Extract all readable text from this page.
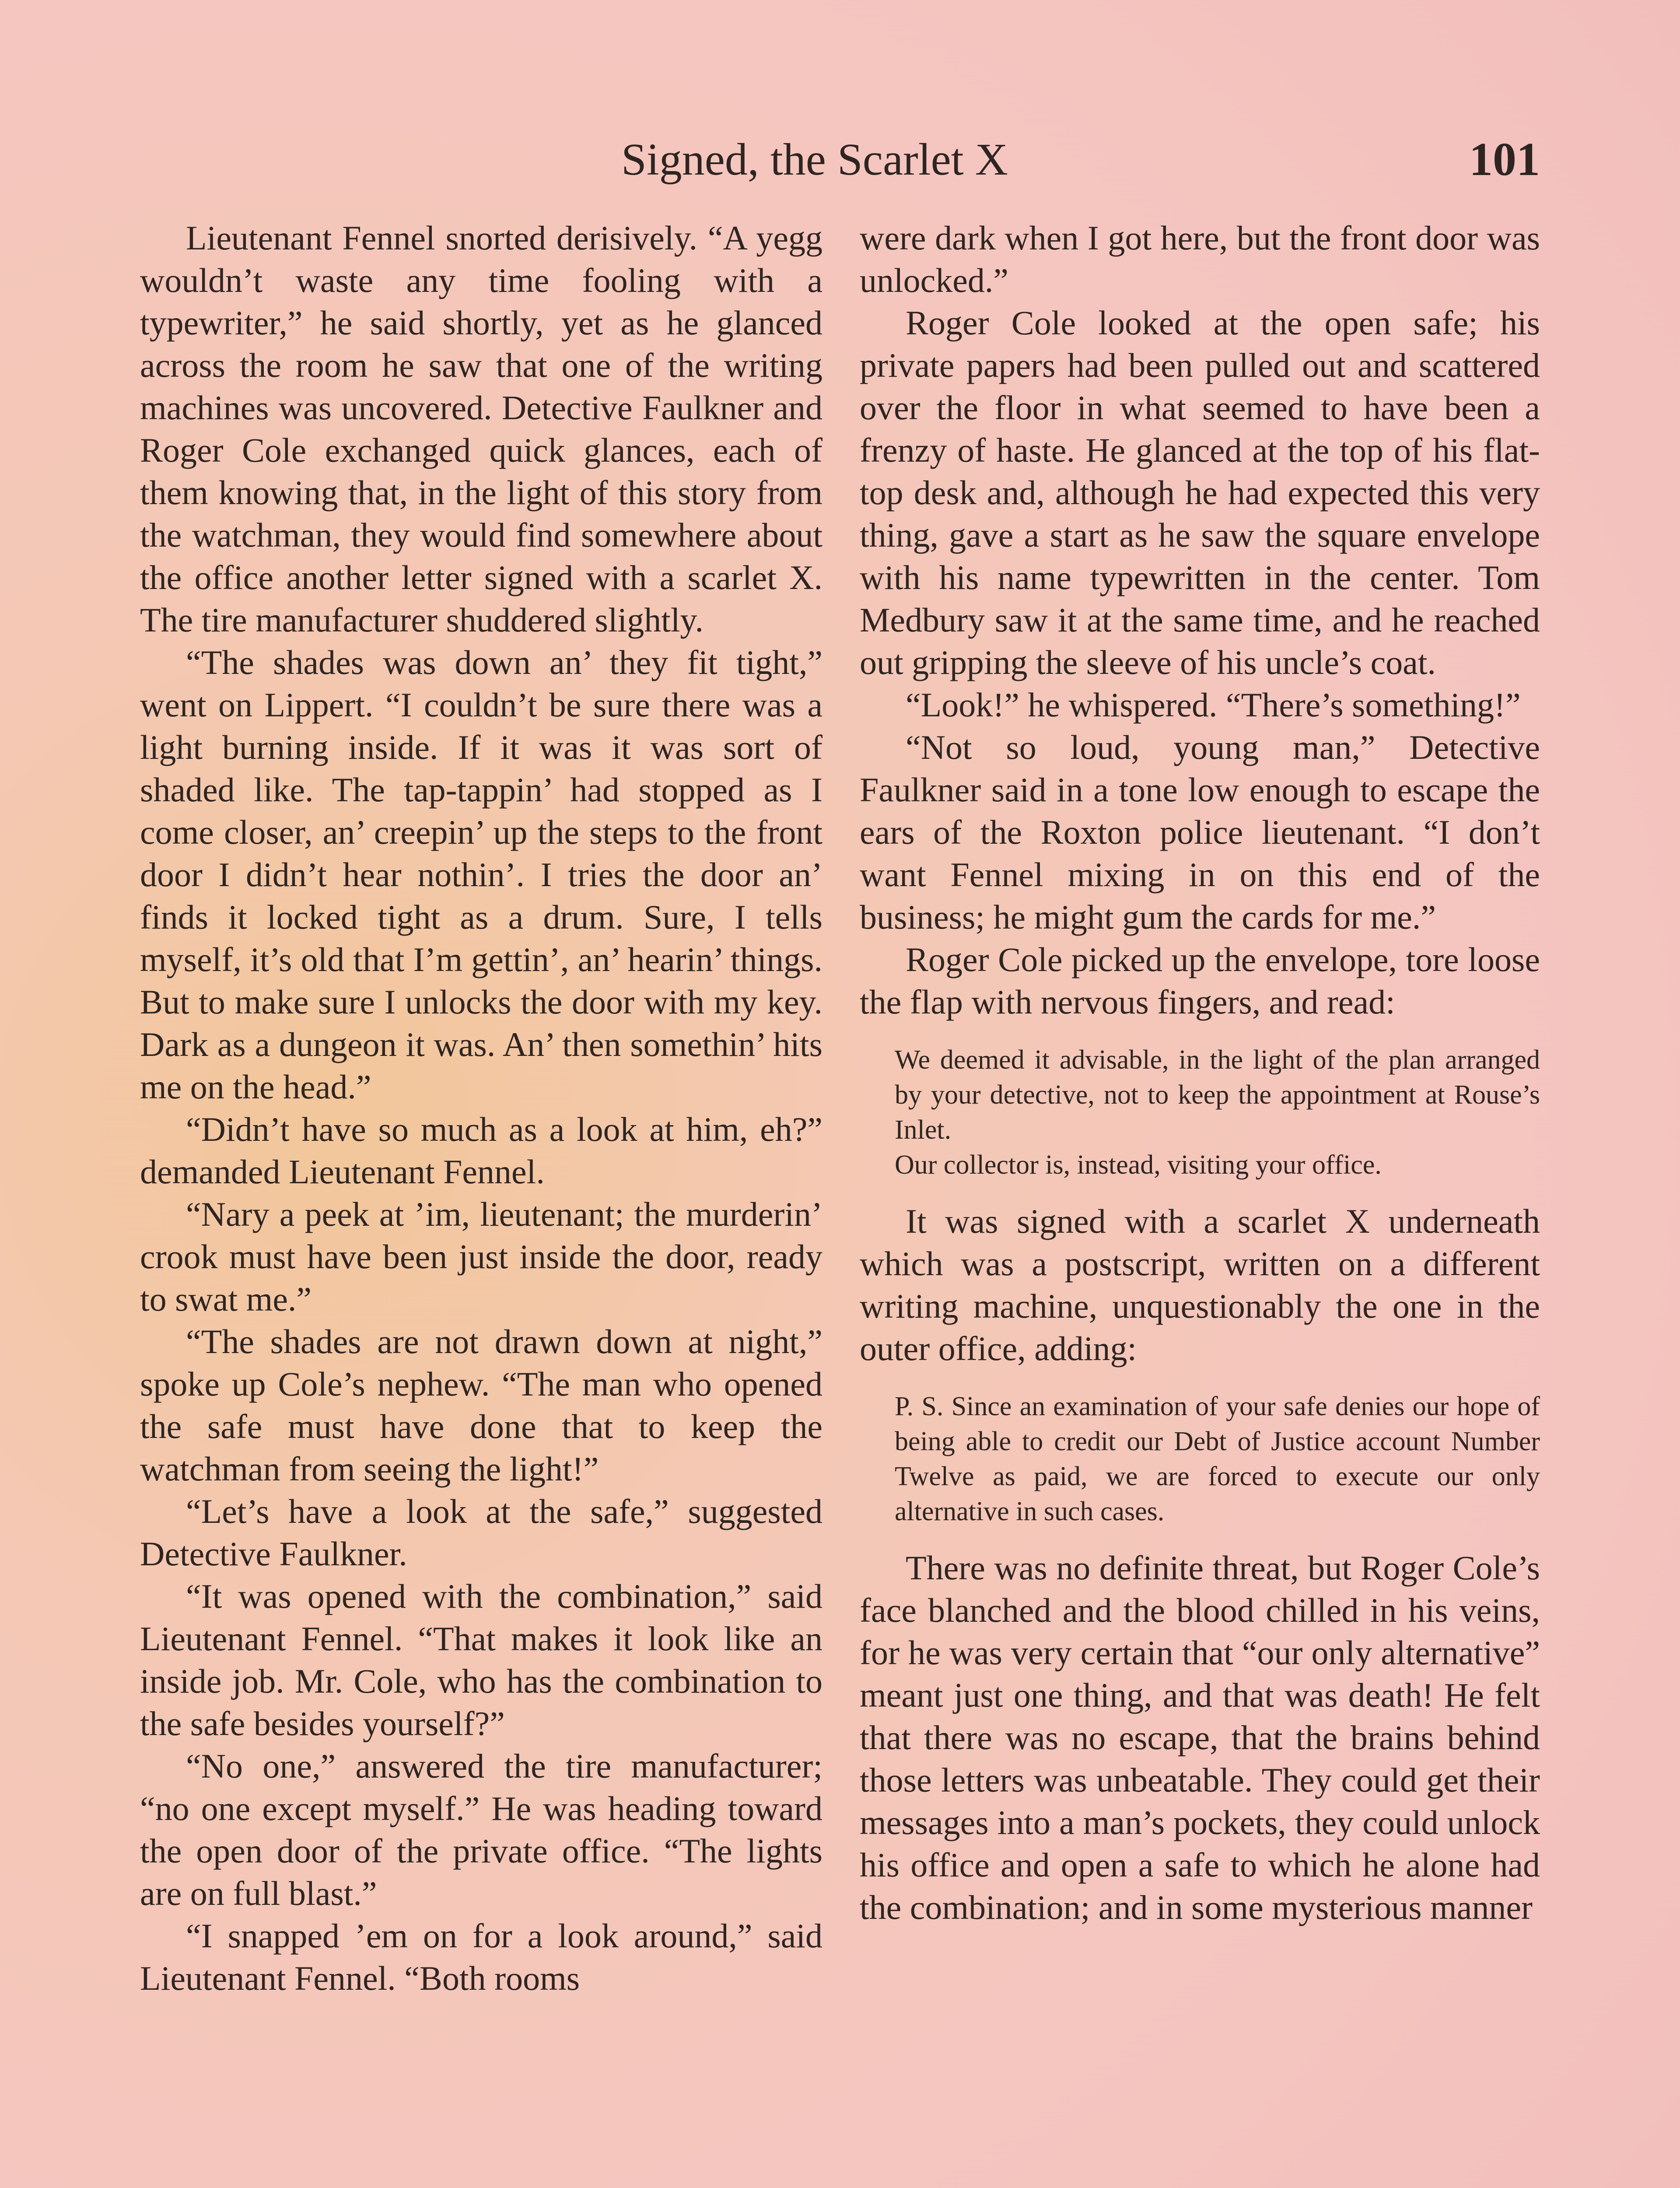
Signed, the Scarlet X	101

Lieutenant Fennel snorted derisively. “A yegg wouldn’t waste any time fooling with a typewriter,” he said shortly, yet as he glanced across the room he saw that one of the writing machines was uncovered. Detective Faulkner and Roger Cole exchanged quick glances, each of them knowing that, in the light of this story from the watchman, they would find somewhere about the office another letter signed with a scarlet X. The tire manufacturer shuddered slightly.

“The shades was down an’ they fit tight,” went on Lippert. “I couldn’t be sure there was a light burning inside. If it was it was sort of shaded like. The tap-tappin’ had stopped as I come closer, an’ creepin’ up the steps to the front door I didn’t hear nothin’. I tries the door an’ finds it locked tight as a drum. Sure, I tells myself, it’s old that I’m gettin’, an’ hearin’ things. But to make sure I unlocks the door with my key. Dark as a dungeon it was. An’ then somethin’ hits me on the head.”

“Didn’t have so much as a look at him, eh?” demanded Lieutenant Fennel.

“Nary a peek at ’im, lieutenant; the murderin’ crook must have been just inside the door, ready to swat me.”

“The shades are not drawn down at night,” spoke up Cole’s nephew. “The man who opened the safe must have done that to keep the watchman from seeing the light!”

“Let’s have a look at the safe,” suggested Detective Faulkner.

“It was opened with the combination,” said Lieutenant Fennel. “That makes it look like an inside job. Mr. Cole, who has the combination to the safe besides yourself?”

“No one,” answered the tire manufacturer; “no one except myself.” He was heading toward the open door of the private office. “The lights are on full blast.”

“I snapped ’em on for a look around,” said Lieutenant Fennel. “Both rooms

were dark when I got here, but the front door was unlocked.”

Roger Cole looked at the open safe; his private papers had been pulled out and scattered over the floor in what seemed to have been a frenzy of haste. He glanced at the top of his flat-top desk and, although he had expected this very thing, gave a start as he saw the square envelope with his name typewritten in the center. Tom Medbury saw it at the same time, and he reached out gripping the sleeve of his uncle’s coat.

“Look!” he whispered. “There’s something!”

“Not so loud, young man,” Detective Faulkner said in a tone low enough to escape the ears of the Roxton police lieutenant. “I don’t want Fennel mixing in on this end of the business; he might gum the cards for me.”

Roger Cole picked up the envelope, tore loose the flap with nervous fingers, and read:

We deemed it advisable, in the light of the plan arranged by your detective, not to keep the appointment at Rouse’s Inlet.

Our collector is, instead, visiting your office.

It was signed with a scarlet X underneath which was a postscript, written on a different writing machine, unquestionably the one in the outer office, adding:

P. S. Since an examination of your safe denies our hope of being able to credit our Debt of Justice account Number Twelve as paid, we are forced to execute our only alternative in such cases.

There was no definite threat, but Roger Cole’s face blanched and the blood chilled in his veins, for he was very certain that “our only alternative” meant just one thing, and that was death! He felt that there was no escape, that the brains behind those letters was unbeatable. They could get their messages into a man’s pockets, they could unlock his office and open a safe to which he alone had the combination; and in some mysterious manner
